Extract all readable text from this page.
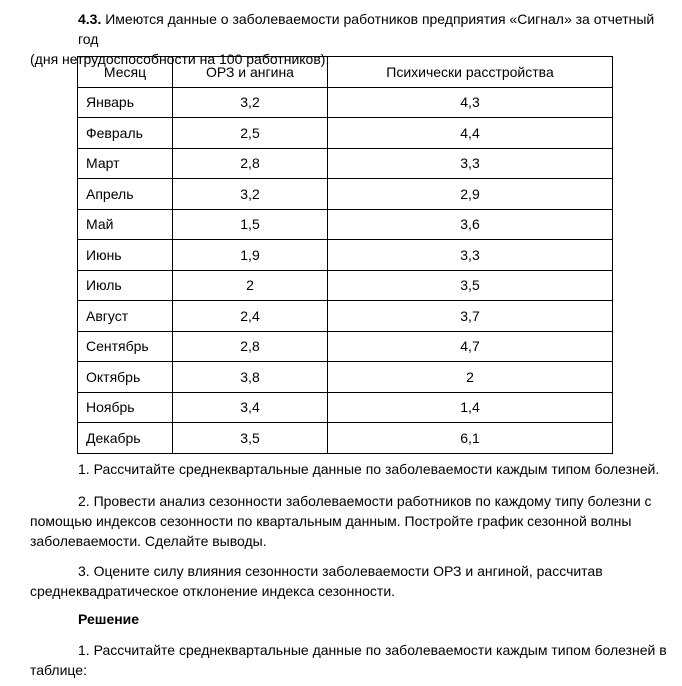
4.3. Имеются данные о заболеваемости работников предприятия «Сигнал» за отчетный год
(дня нетрудоспособности на 100 работников):
Месяц	ОРЗ и ангина	Психически расстройства
Январь	3,2	4,3
Февраль	2,5	4,4
Март	2,8	3,3
Апрель	3,2	2,9
Май	1,5	3,6
Июнь	1,9	3,3
Июль	2	3,5
Август	2,4	3,7
Сентябрь	2,8	4,7
Октябрь	3,8	2
Ноябрь	3,4	1,4
Декабрь	3,5	6,1
1. Рассчитайте среднеквартальные данные по заболеваемости каждым типом болезней.
2. Провести анализ сезонности заболеваемости работников по каждому типу болезни с
помощью индексов сезонности по квартальным данным. Постройте график сезонной волны
заболеваемости. Сделайте выводы.
3. Оцените силу влияния сезонности заболеваемости ОРЗ и ангиной, рассчитав
среднеквадратическое отклонение индекса сезонности.
Решение
1. Рассчитайте среднеквартальные данные по заболеваемости каждым типом болезней в
таблице:
